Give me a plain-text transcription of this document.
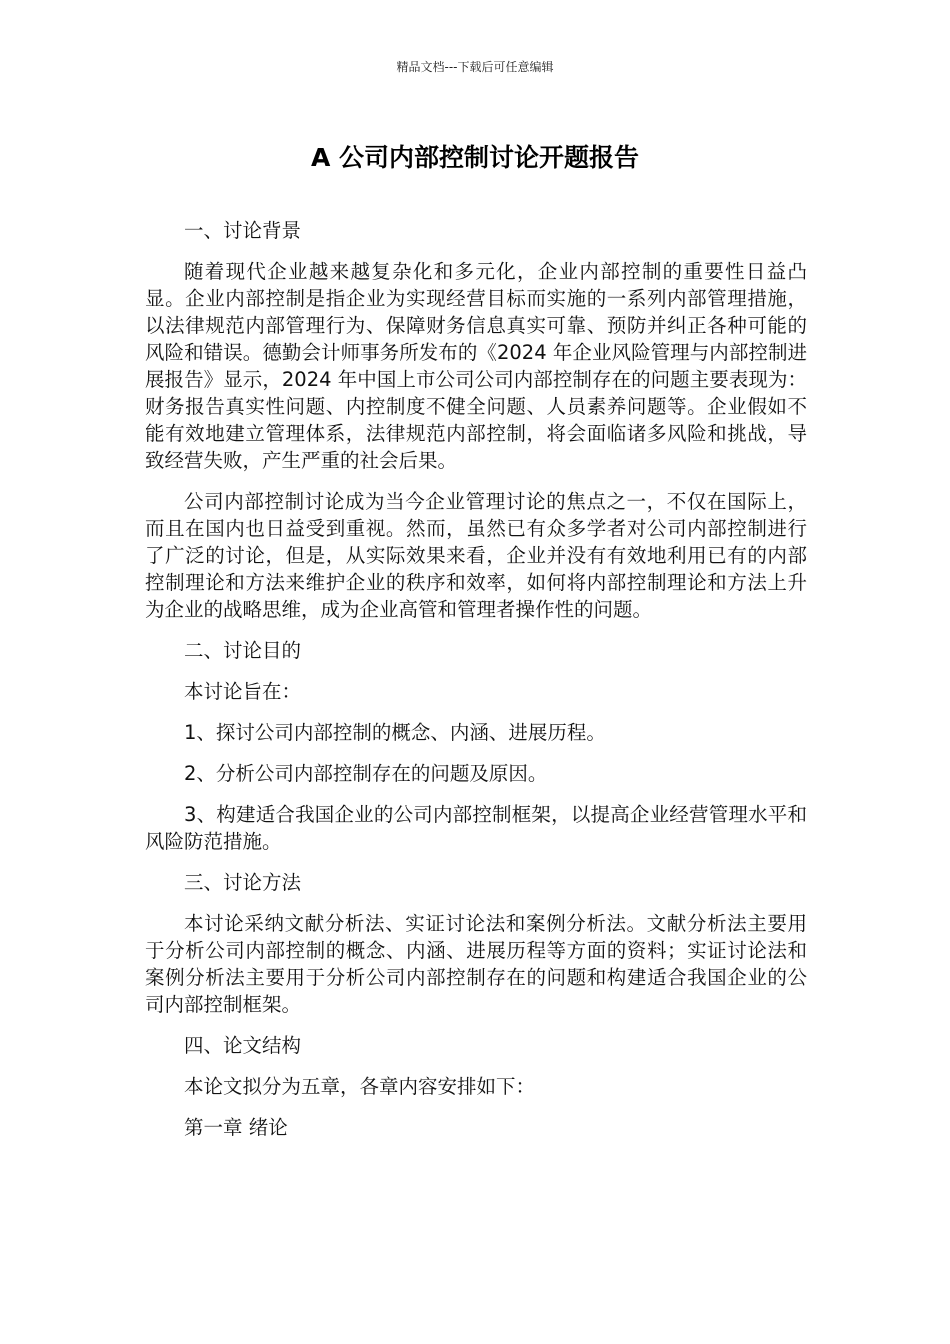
精品文档---下载后可任意编辑
A 公司内部控制讨论开题报告

一、讨论背景

随着现代企业越来越复杂化和多元化，企业内部控制的重要性日益凸显。企业内部控制是指企业为实现经营目标而实施的一系列内部管理措施，以法律规范内部管理行为、保障财务信息真实可靠、预防并纠正各种可能的风险和错误。德勤会计师事务所发布的《2024 年企业风险管理与内部控制进展报告》显示，2024 年中国上市公司公司内部控制存在的问题主要表现为：财务报告真实性问题、内控制度不健全问题、人员素养问题等。企业假如不能有效地建立管理体系，法律规范内部控制，将会面临诸多风险和挑战，导致经营失败，产生严重的社会后果。

公司内部控制讨论成为当今企业管理讨论的焦点之一，不仅在国际上，而且在国内也日益受到重视。然而，虽然已有众多学者对公司内部控制进行了广泛的讨论，但是，从实际效果来看，企业并没有有效地利用已有的内部控制理论和方法来维护企业的秩序和效率，如何将内部控制理论和方法上升为企业的战略思维，成为企业高管和管理者操作性的问题。

二、讨论目的

本讨论旨在：

1、探讨公司内部控制的概念、内涵、进展历程。

2、分析公司内部控制存在的问题及原因。

3、构建适合我国企业的公司内部控制框架，以提高企业经营管理水平和风险防范措施。

三、讨论方法

本讨论采纳文献分析法、实证讨论法和案例分析法。文献分析法主要用于分析公司内部控制的概念、内涵、进展历程等方面的资料；实证讨论法和案例分析法主要用于分析公司内部控制存在的问题和构建适合我国企业的公司内部控制框架。

四、论文结构

本论文拟分为五章，各章内容安排如下：

第一章 绪论
